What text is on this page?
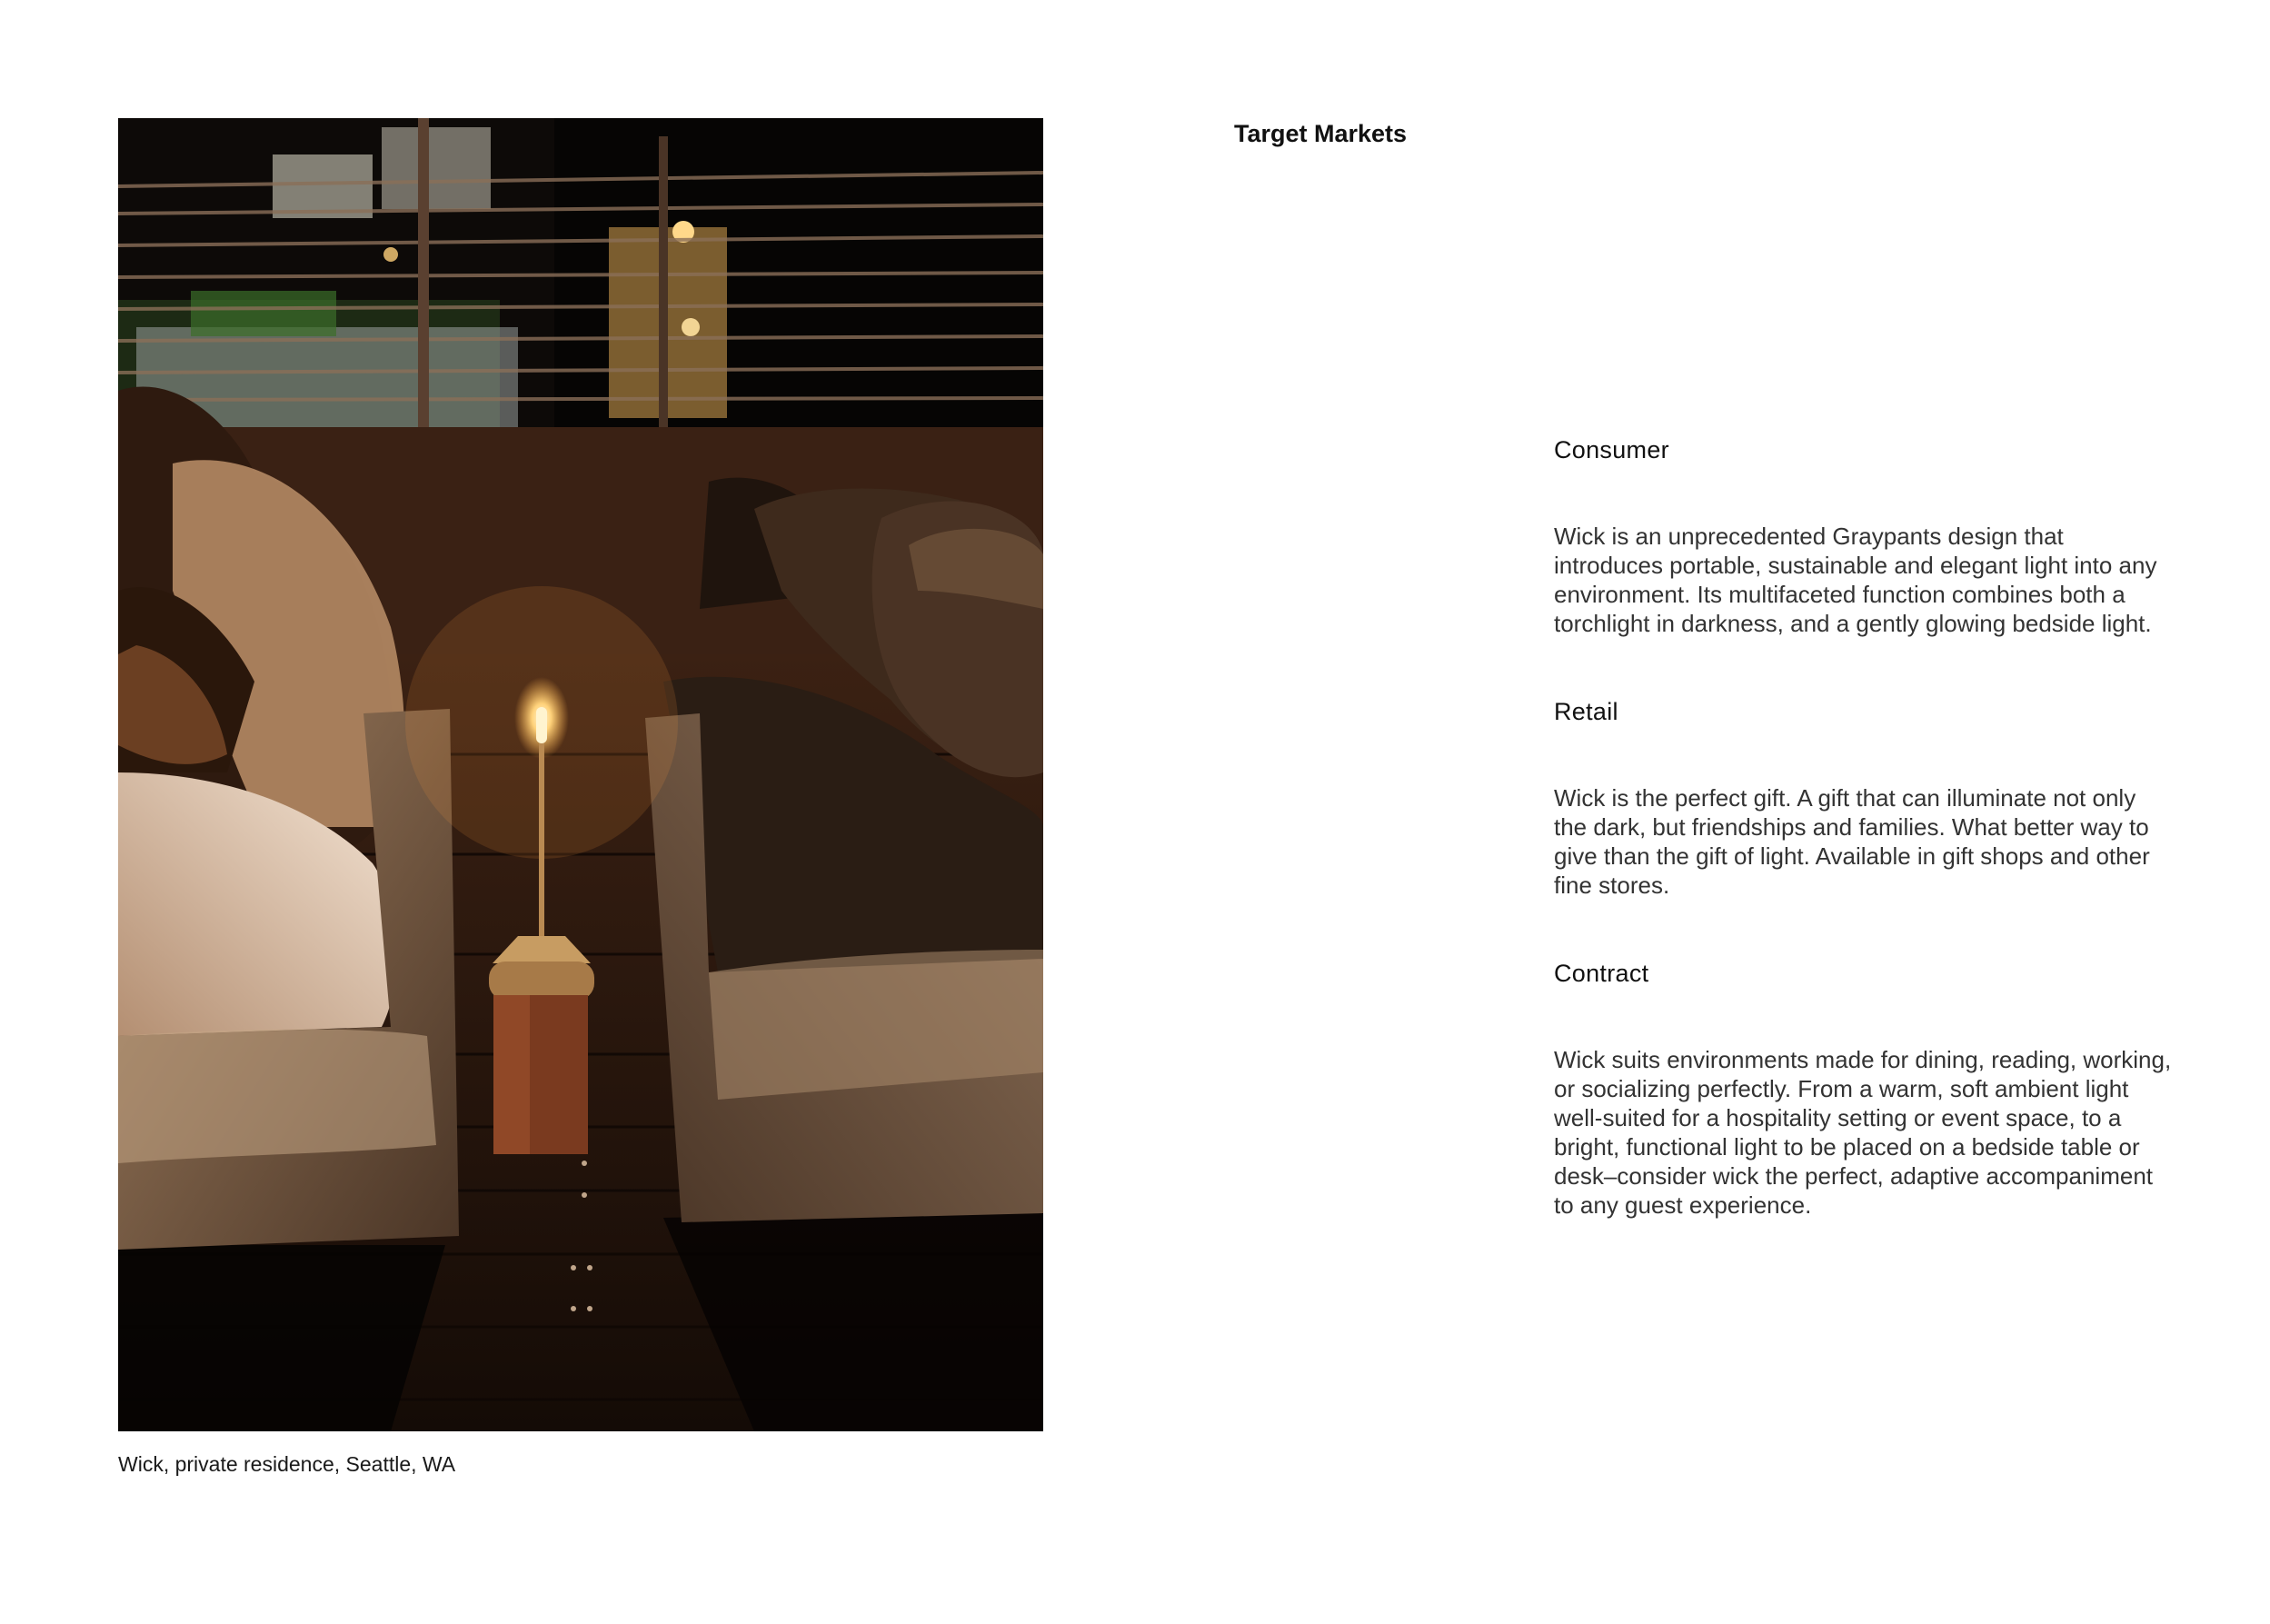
Wick, private residence, Seattle, WA
Target Markets
Consumer

Wick is an unprecedented Graypants design that introduces portable, sustainable and elegant light into any environment. Its multifaceted function combines both a torchlight in darkness, and a gently glowing bedside light.

Retail

Wick is the perfect gift. A gift that can illuminate not only the dark, but friendships and families. What better way to give than the gift of light. Available in gift shops and other fine stores.

Contract

Wick suits environments made for dining, reading, working, or socializing perfectly. From a warm, soft ambient light well-suited for a hospitality setting or event space, to a bright, functional light to be placed on a bedside table or desk–consider wick the perfect, adaptive accompaniment to any guest experience.
